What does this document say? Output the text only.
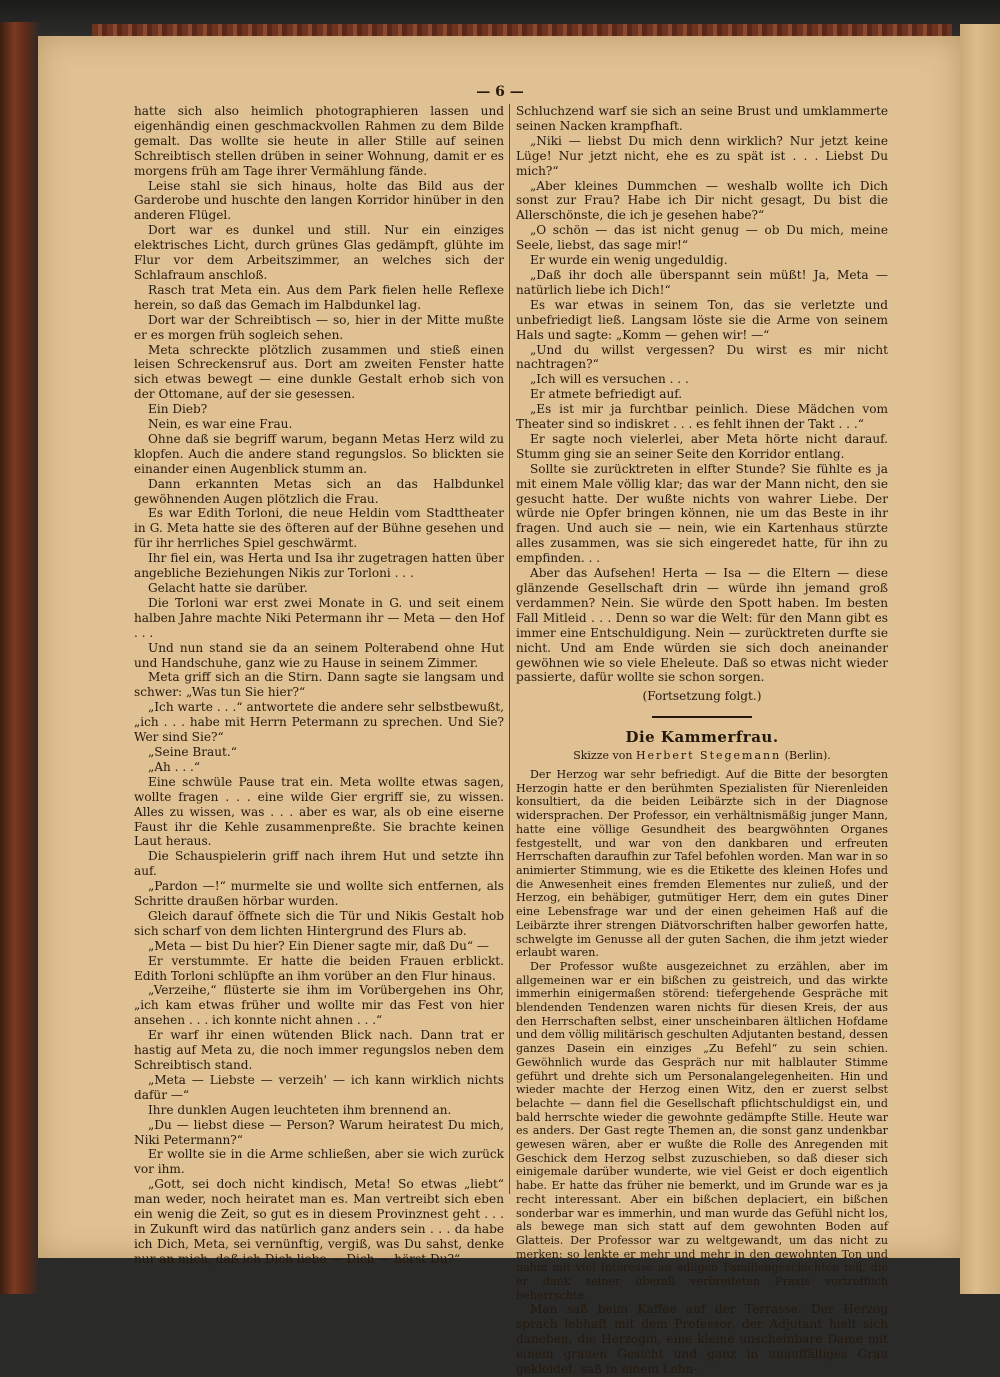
— 6 —

hatte sich also heimlich photographieren lassen und eigenhändig einen geschmackvollen Rahmen zu dem Bilde gemalt. Das wollte sie heute in aller Stille auf seinen Schreibtisch stellen drüben in seiner Wohnung, damit er es morgens früh am Tage ihrer Vermählung fände.

Leise stahl sie sich hinaus, holte das Bild aus der Garderobe und huschte den langen Korridor hinüber in den anderen Flügel.

Dort war es dunkel und still. Nur ein einziges elektrisches Licht, durch grünes Glas gedämpft, glühte im Flur vor dem Arbeitszimmer, an welches sich der Schlafraum anschloß.

Rasch trat Meta ein. Aus dem Park fielen helle Reflexe herein, so daß das Gemach im Halbdunkel lag.

Dort war der Schreibtisch — so, hier in der Mitte mußte er es morgen früh sogleich sehen.

Meta schreckte plötzlich zusammen und stieß einen leisen Schreckensruf aus. Dort am zweiten Fenster hatte sich etwas bewegt — eine dunkle Gestalt erhob sich von der Ottomane, auf der sie gesessen.

Ein Dieb?

Nein, es war eine Frau.

Ohne daß sie begriff warum, begann Metas Herz wild zu klopfen. Auch die andere stand regungslos. So blickten sie einander einen Augenblick stumm an.

Dann erkannten Metas sich an das Halbdunkel gewöhnenden Augen plötzlich die Frau.

Es war Edith Torloni, die neue Heldin vom Stadttheater in G. Meta hatte sie des öfteren auf der Bühne gesehen und für ihr herrliches Spiel geschwärmt.

Ihr fiel ein, was Herta und Isa ihr zugetragen hatten über angebliche Beziehungen Nikis zur Torloni . . .

Gelacht hatte sie darüber.

Die Torloni war erst zwei Monate in G. und seit einem halben Jahre machte Niki Petermann ihr — Meta — den Hof . . .

Und nun stand sie da an seinem Polterabend ohne Hut und Handschuhe, ganz wie zu Hause in seinem Zimmer.

Meta griff sich an die Stirn. Dann sagte sie langsam und schwer: „Was tun Sie hier?“

„Ich warte . . .“ antwortete die andere sehr selbstbewußt, „ich . . . habe mit Herrn Petermann zu sprechen. Und Sie? Wer sind Sie?“

„Seine Braut.“

„Ah . . .“

Eine schwüle Pause trat ein. Meta wollte etwas sagen, wollte fragen . . . eine wilde Gier ergriff sie, zu wissen. Alles zu wissen, was . . . aber es war, als ob eine eiserne Faust ihr die Kehle zusammenpreßte. Sie brachte keinen Laut heraus.

Die Schauspielerin griff nach ihrem Hut und setzte ihn auf.

„Pardon —!“ murmelte sie und wollte sich entfernen, als Schritte draußen hörbar wurden.

Gleich darauf öffnete sich die Tür und Nikis Gestalt hob sich scharf von dem lichten Hintergrund des Flurs ab.

„Meta — bist Du hier? Ein Diener sagte mir, daß Du“ —

Er verstummte. Er hatte die beiden Frauen erblickt. Edith Torloni schlüpfte an ihm vorüber an den Flur hinaus.

„Verzeihe,“ flüsterte sie ihm im Vorübergehen ins Ohr, „ich kam etwas früher und wollte mir das Fest von hier ansehen . . . ich konnte nicht ahnen . . .“

Er warf ihr einen wütenden Blick nach. Dann trat er hastig auf Meta zu, die noch immer regungslos neben dem Schreibtisch stand.

„Meta — Liebste — verzeih' — ich kann wirklich nichts dafür —“

Ihre dunklen Augen leuchteten ihm brennend an.

„Du — liebst diese — Person? Warum heiratest Du mich, Niki Petermann?“

Er wollte sie in die Arme schließen, aber sie wich zurück vor ihm.

„Gott, sei doch nicht kindisch, Meta! So etwas „liebt“ man weder, noch heiratet man es. Man vertreibt sich eben ein wenig die Zeit, so gut es in diesem Provinznest geht . . . in Zukunft wird das natürlich ganz anders sein . . . da habe ich Dich, Meta, sei vernünftig, vergiß, was Du sahst, denke nur an mich, daß ich Dich liebe — Dich — hörst Du?“

Schluchzend warf sie sich an seine Brust und umklammerte seinen Nacken krampfhaft.

„Niki — liebst Du mich denn wirklich? Nur jetzt keine Lüge! Nur jetzt nicht, ehe es zu spät ist . . . Liebst Du mich?“

„Aber kleines Dummchen — weshalb wollte ich Dich sonst zur Frau? Habe ich Dir nicht gesagt, Du bist die Allerschönste, die ich je gesehen habe?“

„O schön — das ist nicht genug — ob Du mich, meine Seele, liebst, das sage mir!“

Er wurde ein wenig ungeduldig.

„Daß ihr doch alle überspannt sein müßt! Ja, Meta — natürlich liebe ich Dich!“

Es war etwas in seinem Ton, das sie verletzte und unbefriedigt ließ. Langsam löste sie die Arme von seinem Hals und sagte: „Komm — gehen wir! —“

„Und du willst vergessen? Du wirst es mir nicht nachtragen?“

„Ich will es versuchen . . .

Er atmete befriedigt auf.

„Es ist mir ja furchtbar peinlich. Diese Mädchen vom Theater sind so indiskret . . . es fehlt ihnen der Takt . . .“

Er sagte noch vielerlei, aber Meta hörte nicht darauf. Stumm ging sie an seiner Seite den Korridor entlang.

Sollte sie zurücktreten in elfter Stunde? Sie fühlte es ja mit einem Male völlig klar; das war der Mann nicht, den sie gesucht hatte. Der wußte nichts von wahrer Liebe. Der würde nie Opfer bringen können, nie um das Beste in ihr fragen. Und auch sie — nein, wie ein Kartenhaus stürzte alles zusammen, was sie sich eingeredet hatte, für ihn zu empfinden. . .

Aber das Aufsehen! Herta — Isa — die Eltern — diese glänzende Gesellschaft drin — würde ihn jemand groß verdammen? Nein. Sie würde den Spott haben. Im besten Fall Mitleid . . . Denn so war die Welt: für den Mann gibt es immer eine Entschuldigung. Nein — zurücktreten durfte sie nicht. Und am Ende würden sie sich doch aneinander gewöhnen wie so viele Eheleute. Daß so etwas nicht wieder passierte, dafür wollte sie schon sorgen.

(Fortsetzung folgt.)
Die Kammerfrau.
Skizze von Herbert Stegemann (Berlin).

Der Herzog war sehr befriedigt. Auf die Bitte der besorgten Herzogin hatte er den berühmten Spezialisten für Nierenleiden konsultiert, da die beiden Leibärzte sich in der Diagnose widersprachen. Der Professor, ein verhältnismäßig junger Mann, hatte eine völlige Gesundheit des beargwöhnten Organes festgestellt, und war von den dankbaren und erfreuten Herrschaften daraufhin zur Tafel befohlen worden. Man war in so animierter Stimmung, wie es die Etikette des kleinen Hofes und die Anwesenheit eines fremden Elementes nur zuließ, und der Herzog, ein behäbiger, gutmütiger Herr, dem ein gutes Diner eine Lebensfrage war und der einen geheimen Haß auf die Leibärzte ihrer strengen Diätvorschriften halber geworfen hatte, schwelgte im Genusse all der guten Sachen, die ihm jetzt wieder erlaubt waren.

Der Professor wußte ausgezeichnet zu erzählen, aber im allgemeinen war er ein bißchen zu geistreich, und das wirkte immerhin einigermaßen störend: tiefergehende Gespräche mit blendenden Tendenzen waren nichts für diesen Kreis, der aus den Herrschaften selbst, einer unscheinbaren ältlichen Hofdame und dem völlig militärisch geschulten Adjutanten bestand, dessen ganzes Dasein ein einziges „Zu Befehl“ zu sein schien. Gewöhnlich wurde das Gespräch nur mit halblauter Stimme geführt und drehte sich um Personalangelegenheiten. Hin und wieder machte der Herzog einen Witz, den er zuerst selbst belachte — dann fiel die Gesellschaft pflichtschuldigst ein, und bald herrschte wieder die gewohnte gedämpfte Stille. Heute war es anders. Der Gast regte Themen an, die sonst ganz undenkbar gewesen wären, aber er wußte die Rolle des Anregenden mit Geschick dem Herzog selbst zuzuschieben, so daß dieser sich einigemale darüber wunderte, wie viel Geist er doch eigentlich habe. Er hatte das früher nie bemerkt, und im Grunde war es ja recht interessant. Aber ein bißchen deplaciert, ein bißchen sonderbar war es immerhin, und man wurde das Gefühl nicht los, als bewege man sich statt auf dem gewohnten Boden auf Glatteis. Der Professor war zu weltgewandt, um das nicht zu merken: so lenkte er mehr und mehr in den gewohnten Ton und nahm mit viel Interesse an adligen Familiengeschichten teil, die er dank seiner überall verbreiteten Praxis vortrefflich beherrschte.

Man saß beim Kaffee auf der Terrasse. Der Herzog sprach lebhaft mit dem Professor, der Adjutant hielt sich daneben, die Herzogin, eine kleine unscheinbare Dame mit einem grauen Gesicht und ganz in unauffälliges Grau gekleidet, saß in einem Lehn-
